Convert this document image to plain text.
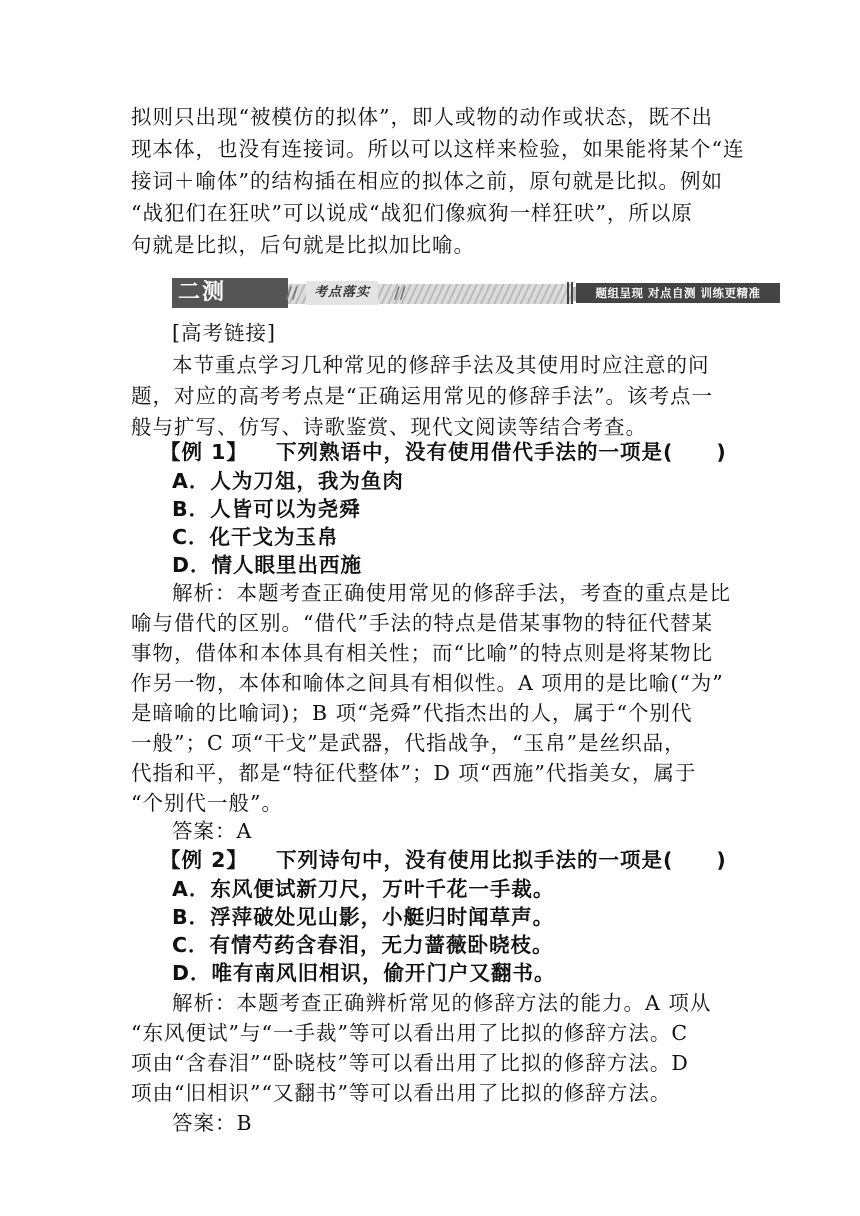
拟则只出现“被模仿的拟体”，即人或物的动作或状态，既不出
现本体，也没有连接词。所以可以这样来检验，如果能将某个“连
接词＋喻体”的结构插在相应的拟体之前，原句就是比拟。例如
“战犯们在狂吠”可以说成“战犯们像疯狗一样狂吠”，所以原
句就是比拟，后句就是比拟加比喻。
二测	//	考点落实	//	题组呈现 对点自测 训练更精准
[高考链接]
本节重点学习几种常见的修辞手法及其使用时应注意的问
题，对应的高考考点是“正确运用常见的修辞手法”。该考点一
般与扩写、仿写、诗歌鉴赏、现代文阅读等结合考查。
【例 1】	下列熟语中，没有使用借代手法的一项是(　　)
A．人为刀俎，我为鱼肉
B．人皆可以为尧舜
C．化干戈为玉帛
D．情人眼里出西施
解析：本题考查正确使用常见的修辞手法，考查的重点是比
喻与借代的区别。“借代”手法的特点是借某事物的特征代替某
事物，借体和本体具有相关性；而“比喻”的特点则是将某物比
作另一物，本体和喻体之间具有相似性。A 项用的是比喻(“为”
是暗喻的比喻词)；B 项“尧舜”代指杰出的人，属于“个别代
一般”；C 项“干戈”是武器，代指战争，“玉帛”是丝织品，
代指和平，都是“特征代整体”；D 项“西施”代指美女，属于
“个别代一般”。
答案：A
【例 2】	下列诗句中，没有使用比拟手法的一项是(　　)
A．东风便试新刀尺，万叶千花一手裁。
B．浮萍破处见山影，小艇归时闻草声。
C．有情芍药含春泪，无力蔷薇卧晓枝。
D．唯有南风旧相识，偷开门户又翻书。
解析：本题考查正确辨析常见的修辞方法的能力。A 项从
“东风便试”与“一手裁”等可以看出用了比拟的修辞方法。C
项由“含春泪”“卧晓枝”等可以看出用了比拟的修辞方法。D
项由“旧相识”“又翻书”等可以看出用了比拟的修辞方法。
答案：B
